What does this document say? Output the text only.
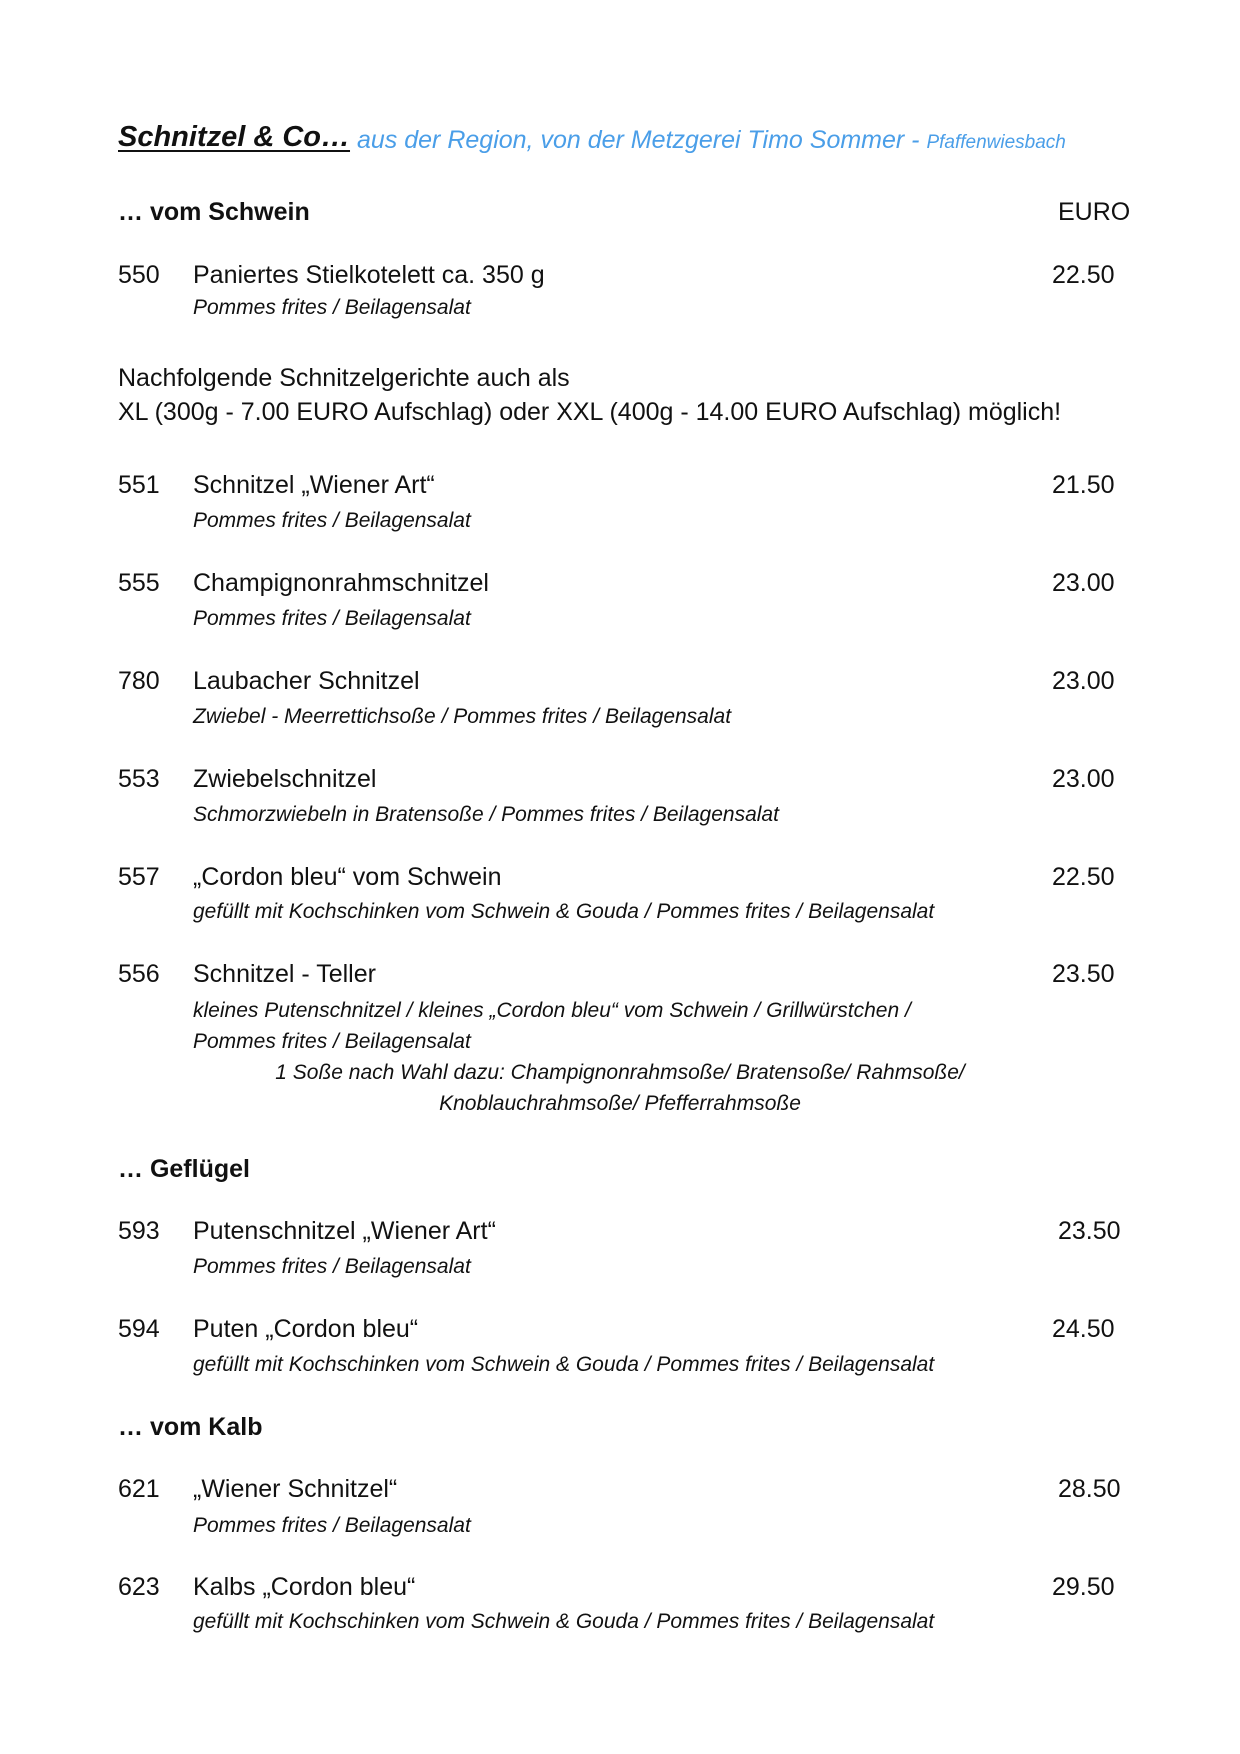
Schnitzel & Co… aus der Region, von der Metzgerei Timo Sommer - Pfaffenwiesbach
… vom Schwein	EURO
550 Paniertes Stielkotelett ca. 350 g
Pommes frites / Beilagensalat
22.50
Nachfolgende Schnitzelgerichte auch als
XL (300g - 7.00 EURO Aufschlag) oder XXL (400g - 14.00 EURO Aufschlag) möglich!
551 Schnitzel „Wiener Art“
Pommes frites / Beilagensalat
21.50
555 Champignonrahmschnitzel
Pommes frites / Beilagensalat
23.00
780 Laubacher Schnitzel
Zwiebel - Meerrettichsoße / Pommes frites / Beilagensalat
23.00
553 Zwiebelschnitzel
Schmorzwiebeln in Bratensoße / Pommes frites / Beilagensalat
23.00
557 „Cordon bleu“ vom Schwein
gefüllt mit Kochschinken vom Schwein & Gouda / Pommes frites / Beilagensalat
22.50
556 Schnitzel - Teller
kleines Putenschnitzel / kleines „Cordon bleu“ vom Schwein / Grillwürstchen /
Pommes frites / Beilagensalat
1 Soße nach Wahl dazu: Champignonrahmsoße/ Bratensoße/ Rahmsoße/
Knoblauchrahmsoße/ Pfefferrahmsoße
23.50
… Geflügel
593 Putenschnitzel „Wiener Art“
Pommes frites / Beilagensalat
23.50
594 Puten „Cordon bleu“
gefüllt mit Kochschinken vom Schwein & Gouda / Pommes frites / Beilagensalat
24.50
… vom Kalb
621 „Wiener Schnitzel“
Pommes frites / Beilagensalat
28.50
623 Kalbs „Cordon bleu“
gefüllt mit Kochschinken vom Schwein & Gouda / Pommes frites / Beilagensalat
29.50
